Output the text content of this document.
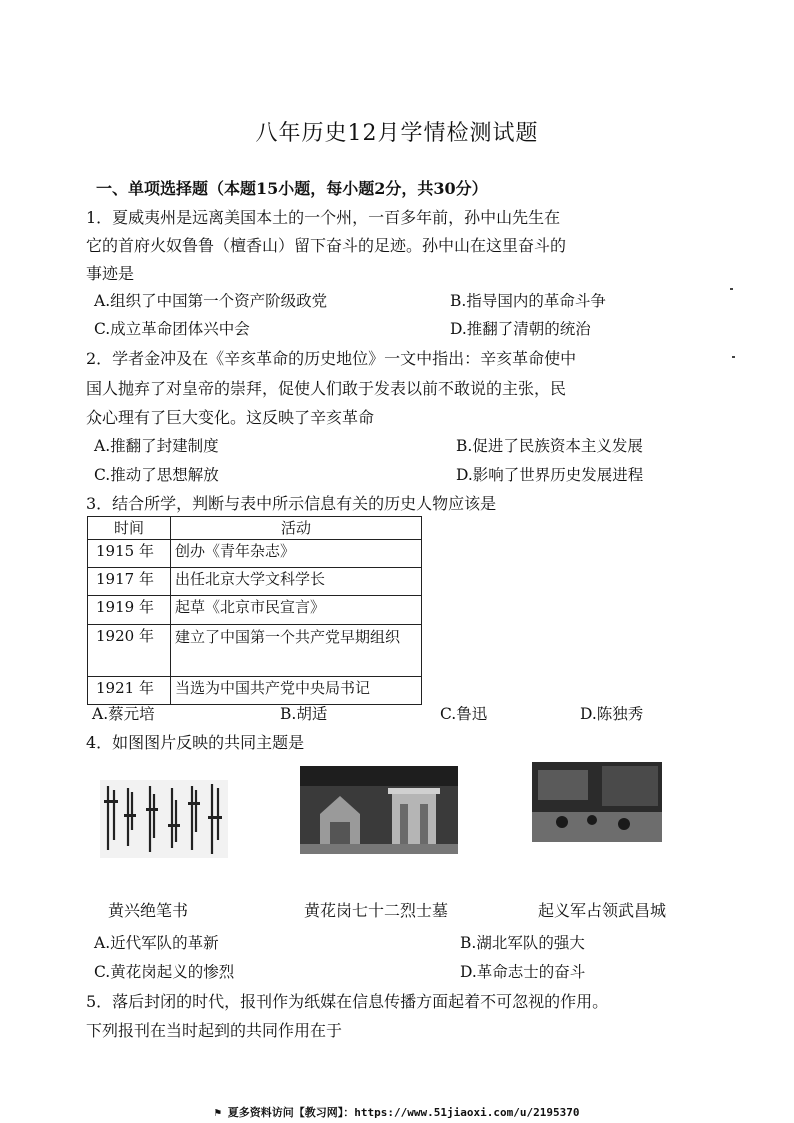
八年历史12月学情检测试题
一、单项选择题（本题15小题，每小题2分，共30分）
1．夏威夷州是远离美国本土的一个州，一百多年前，孙中山先生在
它的首府火奴鲁鲁（檀香山）留下奋斗的足迹。孙中山在这里奋斗的
事迹是
A.组织了中国第一个资产阶级政党	B.指导国内的革命斗争
C.成立革命团体兴中会	D.推翻了清朝的统治
2．学者金冲及在《辛亥革命的历史地位》一文中指出：辛亥革命使中
国人抛弃了对皇帝的崇拜，促使人们敢于发表以前不敢说的主张，民
众心理有了巨大变化。这反映了辛亥革命
A.推翻了封建制度	B.促进了民族资本主义发展
C.推动了思想解放	D.影响了世界历史发展进程
3．结合所学，判断与表中所示信息有关的历史人物应该是
时间	活动
1915 年	创办《青年杂志》
1917 年	出任北京大学文科学长
1919 年	起草《北京市民宣言》
1920 年	建立了中国第一个共产党早期组织
1921 年	当选为中国共产党中央局书记
A.蔡元培	B.胡适	C.鲁迅	D.陈独秀
4．如图图片反映的共同主题是
黄兴绝笔书	黄花岗七十二烈士墓	起义军占领武昌城
A.近代军队的革新	B.湖北军队的强大
C.黄花岗起义的惨烈	D.革命志士的奋斗
5．落后封闭的时代，报刊作为纸媒在信息传播方面起着不可忽视的作用。
下列报刊在当时起到的共同作用在于
⚑ 夏多资料访问【教习网】：https://www.51jiaoxi.com/u/2195370
